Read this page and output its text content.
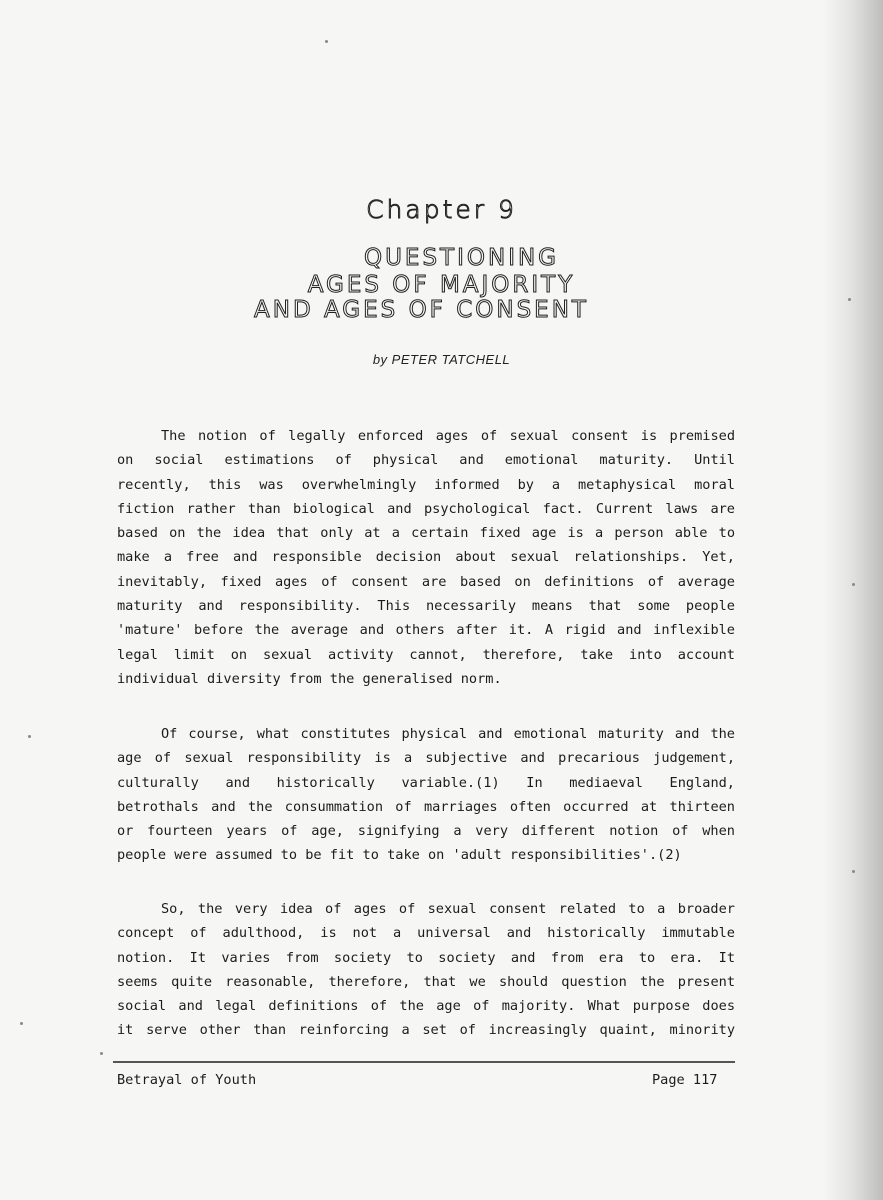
Chapter 9
QUESTIONING
AGES OF MAJORITY
AND AGES OF CONSENT
by PETER TATCHELL
The notion of legally enforced ages of sexual consent is premised
on social estimations of physical and emotional maturity. Until
recently, this was overwhelmingly informed by a metaphysical moral
fiction rather than biological and psychological fact. Current laws are
based on the idea that only at a certain fixed age is a person able to
make a free and responsible decision about sexual relationships. Yet,
inevitably, fixed ages of consent are based on definitions of average
maturity and responsibility. This necessarily means that some people
'mature' before the average and others after it. A rigid and inflexible
legal limit on sexual activity cannot, therefore, take into account
individual diversity from the generalised norm.
Of course, what constitutes physical and emotional maturity and the
age of sexual responsibility is a subjective and precarious judgement,
culturally and historically variable.(1) In mediaeval England,
betrothals and the consummation of marriages often occurred at thirteen
or fourteen years of age, signifying a very different notion of when
people were assumed to be fit to take on 'adult responsibilities'.(2)
So, the very idea of ages of sexual consent related to a broader
concept of adulthood, is not a universal and historically immutable
notion. It varies from society to society and from era to era. It
seems quite reasonable, therefore, that we should question the present
social and legal definitions of the age of majority. What purpose does
it serve other than reinforcing a set of increasingly quaint, minority
Betrayal of Youth	Page 117
